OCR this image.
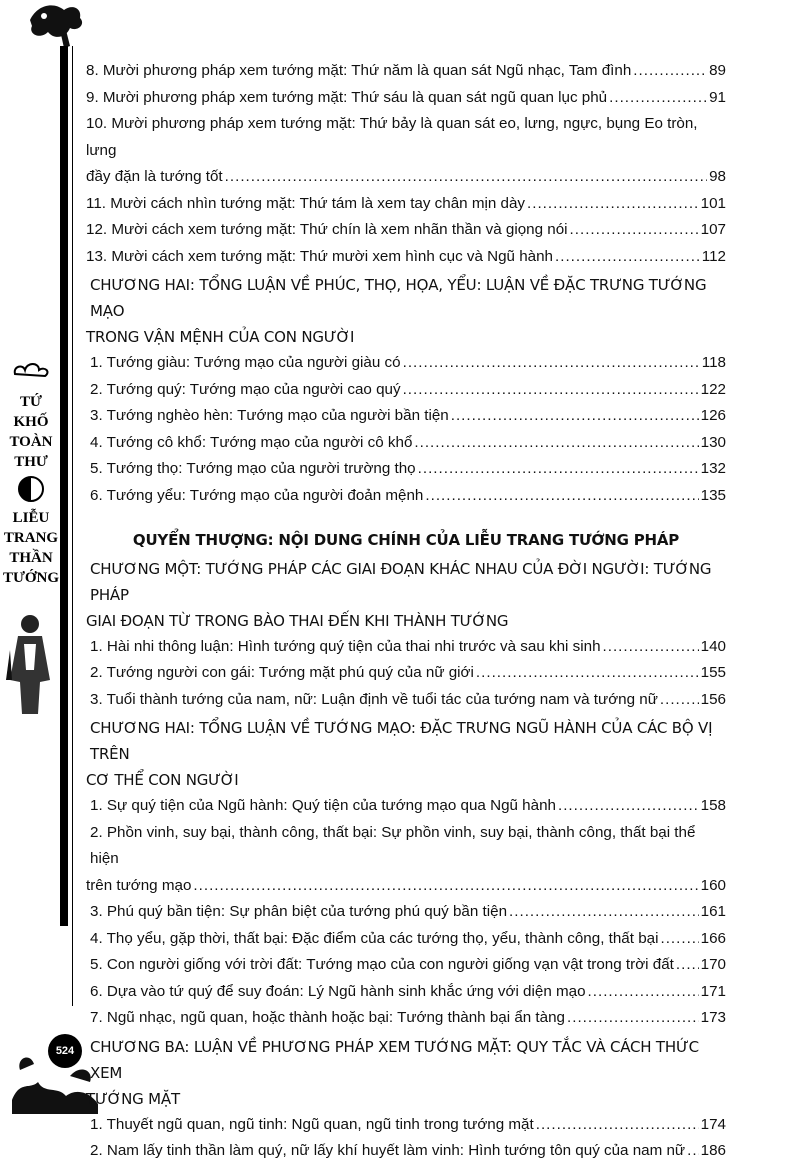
TỨ
KHỐ
TOÀN
THƯ
LIỄU
TRANG
THẦN
TƯỚNG
524
8. Mười phương pháp xem tướng mặt: Thứ năm là quan sát Ngũ nhạc, Tam đình .....	89
9. Mười phương pháp xem tướng mặt: Thứ sáu là quan sát ngũ quan lục phủ .....	91
10. Mười phương pháp xem tướng mặt: Thứ bảy là quan sát eo, lưng, ngực, bụng Eo tròn, lưng
đầy đặn là tướng tốt .....	98
11. Mười cách nhìn tướng mặt: Thứ tám là xem tay chân mịn dày .....	101
12. Mười cách xem tướng mặt: Thứ chín là xem nhãn thần và giọng nói .....	107
13. Mười cách xem tướng mặt: Thứ mười xem hình cục và Ngũ hành .....	112
CHƯƠNG HAI: TỔNG LUẬN VỀ PHÚC, THỌ, HỌA, YỂU: LUẬN VỀ ĐẶC TRƯNG TƯỚNG MẠO
TRONG VẬN MỆNH CỦA CON NGƯỜI
1. Tướng giàu: Tướng mạo của người giàu có .....	118
2. Tướng quý: Tướng mạo của người cao quý .....	122
3. Tướng nghèo hèn: Tướng mạo của người bần tiện .....	126
4. Tướng cô khổ: Tướng mạo của người cô khổ .....	130
5. Tướng thọ: Tướng mạo của người trường thọ .....	132
6. Tướng yểu: Tướng mạo của người đoản mệnh .....	135
QUYỂN THƯỢNG: NỘI DUNG CHÍNH CỦA LIỄU TRANG TƯỚNG PHÁP
CHƯƠNG MỘT: TƯỚNG PHÁP CÁC GIAI ĐOẠN KHÁC NHAU CỦA ĐỜI NGƯỜI: TƯỚNG PHÁP
GIAI ĐOẠN TỪ TRONG BÀO THAI ĐẾN KHI THÀNH TƯỚNG
1. Hài nhi thông luận: Hình tướng quý tiện của thai nhi trước và sau khi sinh .....	140
2. Tướng người con gái: Tướng mặt phú quý của nữ giới .....	155
3. Tuổi thành tướng của nam, nữ: Luận định về tuổi tác của tướng nam và tướng nữ .....	156
CHƯƠNG HAI: TỔNG LUẬN VỀ TƯỚNG MẠO: ĐẶC TRƯNG NGŨ HÀNH CỦA CÁC BỘ VỊ TRÊN
CƠ THỂ CON NGƯỜI
1. Sự quý tiện của Ngũ hành: Quý tiện của tướng mạo qua Ngũ hành .....	158
2. Phồn vinh, suy bại, thành công, thất bại: Sự phồn vinh, suy bại, thành công, thất bại thể hiện
trên tướng mạo .....	160
3. Phú quý bần tiện: Sự phân biệt của tướng phú quý bần tiện .....	161
4. Thọ yểu, gặp thời, thất bại: Đặc điểm của các tướng thọ, yểu, thành công, thất bại .....	166
5. Con người giống với trời đất: Tướng mạo của con người giống vạn vật trong trời đất ..... 170
6. Dựa vào tứ quý để suy đoán: Lý Ngũ hành sinh khắc ứng với diện mạo .....	171
7. Ngũ nhạc, ngũ quan, hoặc thành hoặc bại: Tướng thành bại ẩn tàng .....	173
CHƯƠNG BA: LUẬN VỀ PHƯƠNG PHÁP XEM TƯỚNG MẶT: QUY TẮC VÀ CÁCH THỨC XEM
TƯỚNG MẶT
1. Thuyết ngũ quan, ngũ tinh: Ngũ quan, ngũ tinh trong tướng mặt .....	174
2. Nam lấy tinh thần làm quý, nữ lấy khí huyết làm vinh: Hình tướng tôn quý của nam nữ ..... 186
